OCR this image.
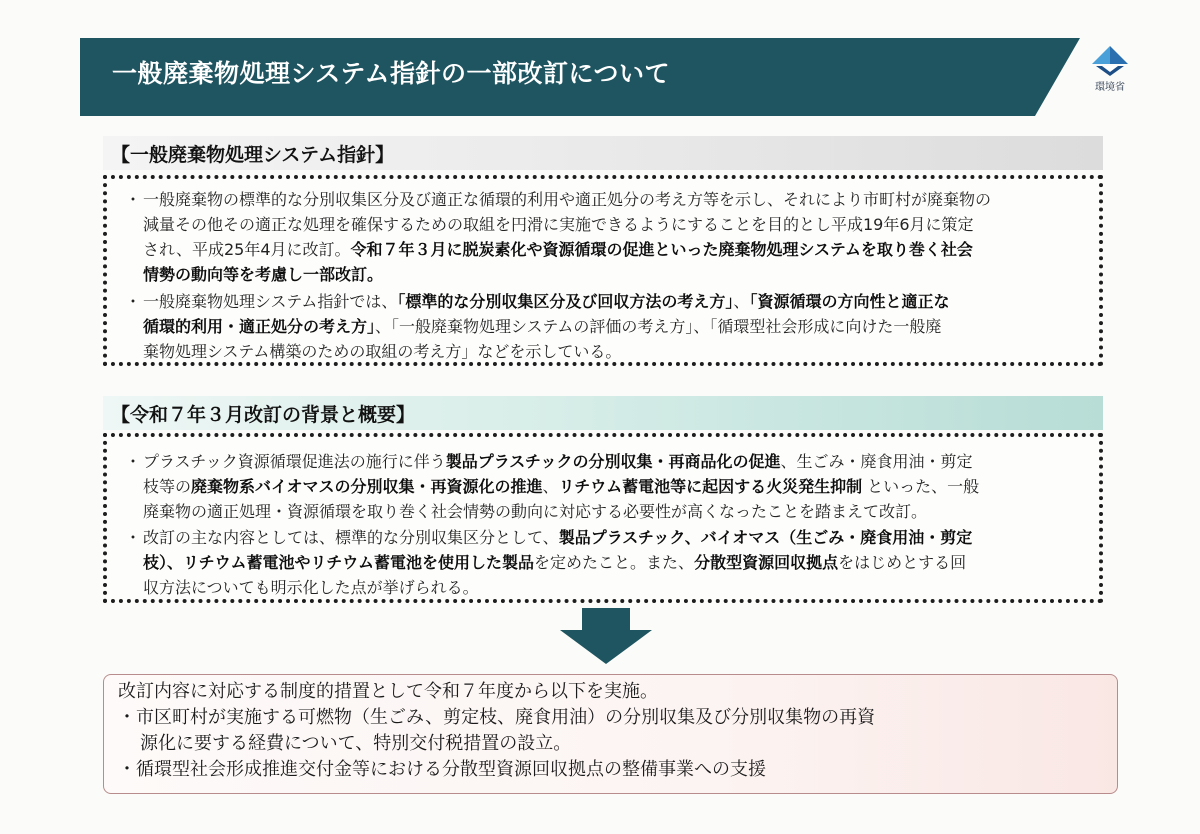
一般廃棄物処理システム指針の一部改訂について	環境省
【一般廃棄物処理システム指針】
・ 一般廃棄物の標準的な分別収集区分及び適正な循環的利用や適正処分の考え方等を示し、それにより市町村が廃棄物の
減量その他その適正な処理を確保するための取組を円滑に実施できるようにすることを目的とし平成19年6月に策定
され、平成25年4月に改訂。令和７年３月に脱炭素化や資源循環の促進といった廃棄物処理システムを取り巻く社会
情勢の動向等を考慮し一部改訂。
・ 一般廃棄物処理システム指針では、「標準的な分別収集区分及び回収方法の考え方」、「資源循環の方向性と適正な
循環的利用・適正処分の考え方」、「一般廃棄物処理システムの評価の考え方」、「循環型社会形成に向けた一般廃
棄物処理システム構築のための取組の考え方」などを示している。
【令和７年３月改訂の背景と概要】
・ プラスチック資源循環促進法の施行に伴う製品プラスチックの分別収集・再商品化の促進、生ごみ・廃食用油・剪定
枝等の廃棄物系バイオマスの分別収集・再資源化の推進、リチウム蓄電池等に起因する火災発生抑制 といった、一般
廃棄物の適正処理・資源循環を取り巻く社会情勢の動向に対応する必要性が高くなったことを踏まえて改訂。
・ 改訂の主な内容としては、標準的な分別収集区分として、製品プラスチック、バイオマス（生ごみ・廃食用油・剪定
枝）、リチウム蓄電池やリチウム蓄電池を使用した製品を定めたこと。また、分散型資源回収拠点をはじめとする回
収方法についても明示化した点が挙げられる。
改訂内容に対応する制度的措置として令和７年度から以下を実施。
・市区町村が実施する可燃物（生ごみ、剪定枝、廃食用油）の分別収集及び分別収集物の再資
源化に要する経費について、特別交付税措置の設立。
・循環型社会形成推進交付金等における分散型資源回収拠点の整備事業への支援
